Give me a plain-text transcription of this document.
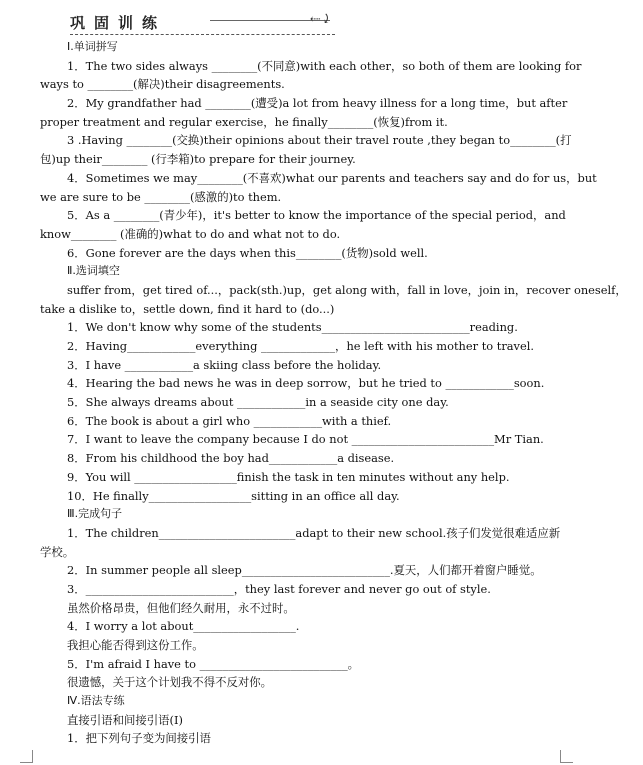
巩固训练	⇠⤸
Ⅰ.单词拼写
1．The two sides always ________(不同意)with each other，so both of them are looking for
ways to ________(解决)their disagreements.
2．My grandfather had ________(遭受)a lot from heavy illness for a long time，but after
proper treatment and regular exercise，he finally________(恢复)from it.
3 .Having ________(交换)their opinions about their travel route ,they began to________(打
包)up their________ (行李箱)to prepare for their journey.
4．Sometimes we may________(不喜欢)what our parents and teachers say and do for us，but
we are sure to be ________(感激的)to them.
5．As a ________(青少年)，it's better to know the importance of the special period，and
know________ (准确的)what to do and what not to do.
6．Gone forever are the days when this________(货物)sold well.
Ⅱ.选词填空
suffer from，get tired of...，pack(sth.)up，get along with，fall in love，join in，recover oneself，
take a dislike to，settle down, find it hard to (do...)
1．We don't know why some of the students__________________________reading.
2．Having____________everything _____________，he left with his mother to travel.
3．I have ____________a skiing class before the holiday.
4．Hearing the bad news he was in deep sorrow，but he tried to ____________soon.
5．She always dreams about ____________in a seaside city one day.
6．The book is about a girl who ____________with a thief.
7．I want to leave the company because I do not _________________________Mr Tian.
8．From his childhood the boy had____________a disease.
9．You will __________________finish the task in ten minutes without any help.
10．He finally__________________sitting in an office all day.
Ⅲ.完成句子
1．The children________________________adapt to their new school.孩子们发觉很难适应新
学校。
2．In summer people all sleep__________________________.夏天，人们都开着窗户睡觉。
3．__________________________，they last forever and never go out of style.
虽然价格昂贵，但他们经久耐用，永不过时。
4．I worry a lot about__________________.
我担心能否得到这份工作。
5．I'm afraid I have to __________________________。
很遗憾，关于这个计划我不得不反对你。
Ⅳ.语法专练
直接引语和间接引语(Ⅰ)
1．把下列句子变为间接引语
